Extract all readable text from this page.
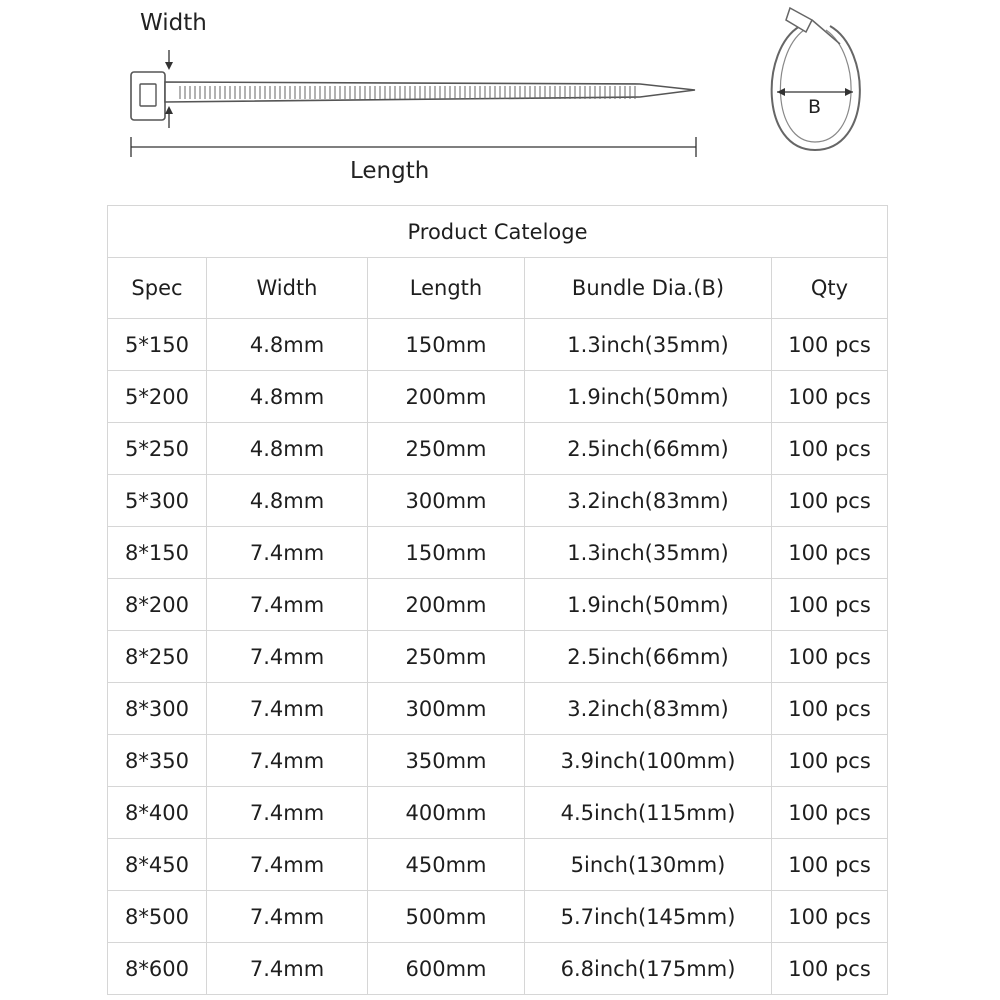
Width
Length
B
Product Cateloge				
Spec	Width	Length	Bundle Dia.(B)	Qty
5*150	4.8mm	150mm	1.3inch(35mm)	100 pcs
5*200	4.8mm	200mm	1.9inch(50mm)	100 pcs
5*250	4.8mm	250mm	2.5inch(66mm)	100 pcs
5*300	4.8mm	300mm	3.2inch(83mm)	100 pcs
8*150	7.4mm	150mm	1.3inch(35mm)	100 pcs
8*200	7.4mm	200mm	1.9inch(50mm)	100 pcs
8*250	7.4mm	250mm	2.5inch(66mm)	100 pcs
8*300	7.4mm	300mm	3.2inch(83mm)	100 pcs
8*350	7.4mm	350mm	3.9inch(100mm)	100 pcs
8*400	7.4mm	400mm	4.5inch(115mm)	100 pcs
8*450	7.4mm	450mm	5inch(130mm)	100 pcs
8*500	7.4mm	500mm	5.7inch(145mm)	100 pcs
8*600	7.4mm	600mm	6.8inch(175mm)	100 pcs
